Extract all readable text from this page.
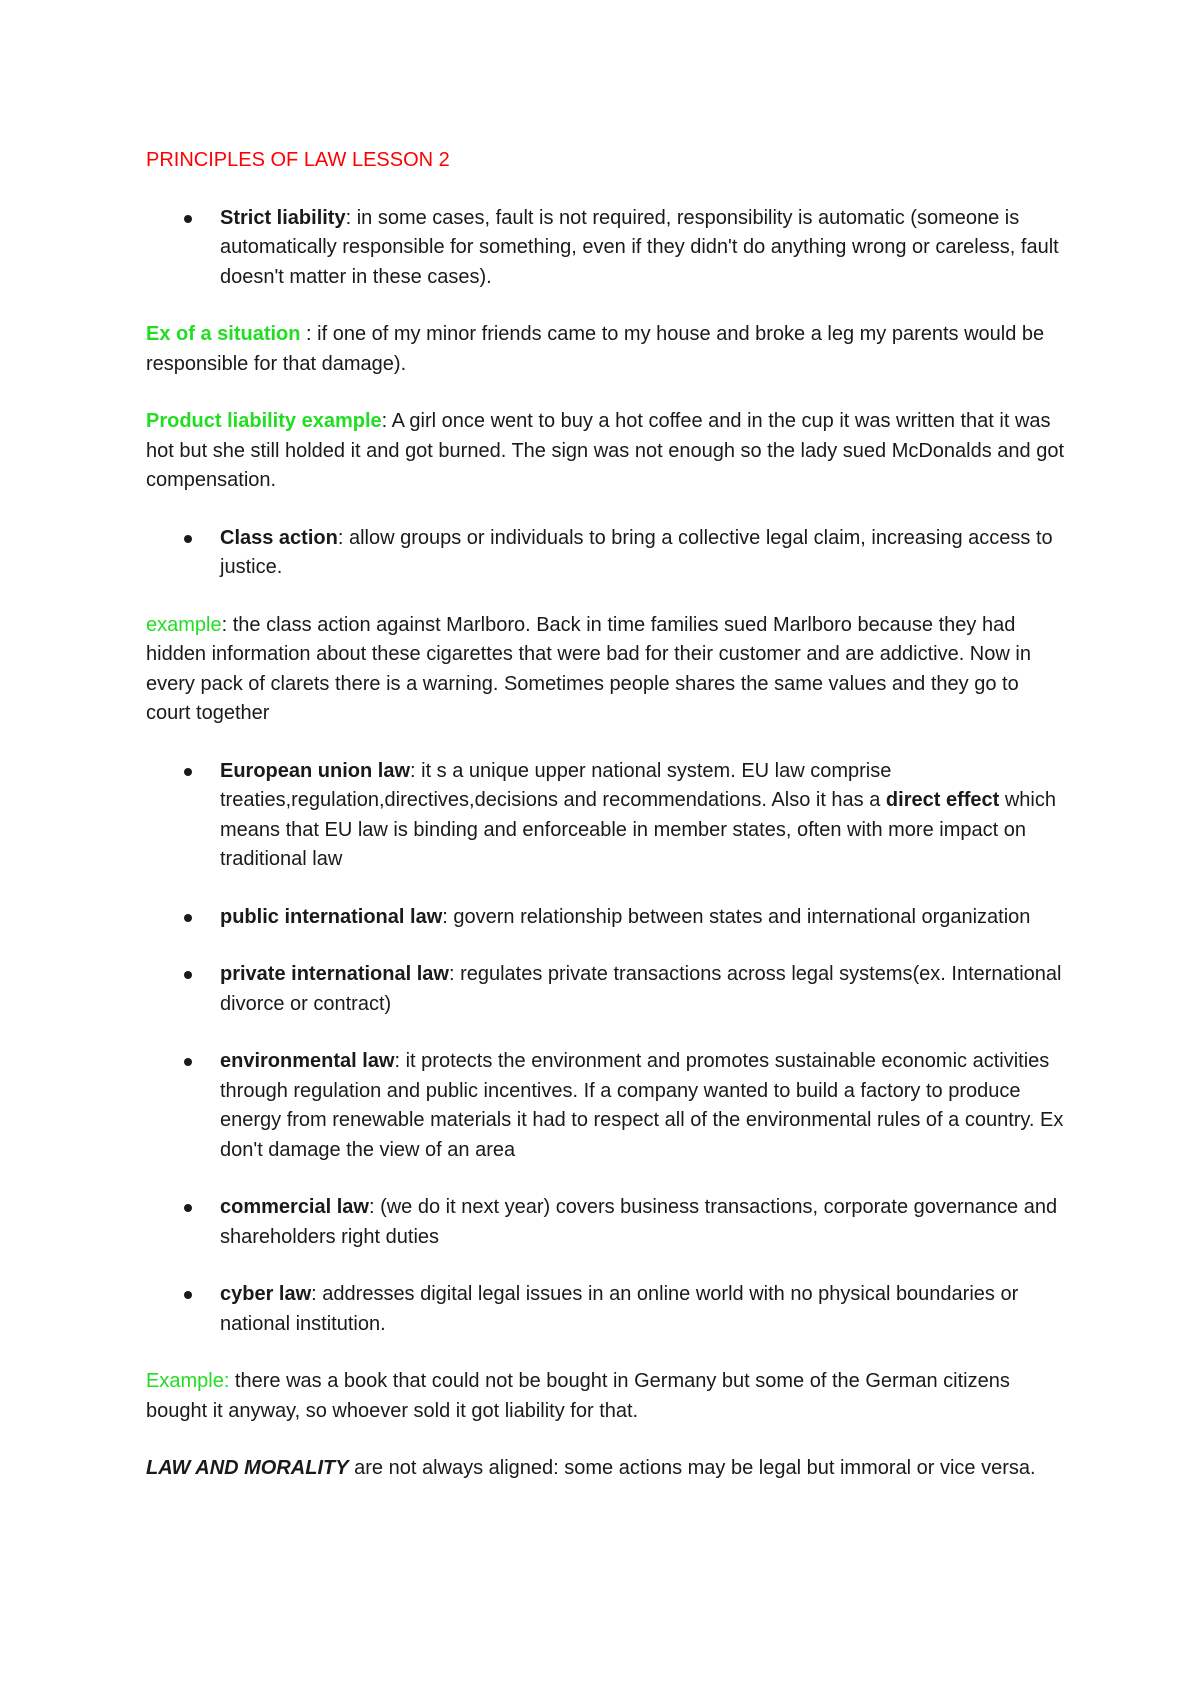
PRINCIPLES OF LAW LESSON 2
Strict liability: in some cases, fault is not required, responsibility is automatic (someone is automatically responsible for something, even if they didn't do anything wrong or careless, fault doesn't matter in these cases).
Ex of a situation : if one of my minor friends came to my house and broke a leg my parents would be responsible for that damage).
Product liability example: A girl once went to buy a hot coffee and in the cup it was written that it was hot but she still holded it and got burned. The sign was not enough so the lady sued McDonalds and got compensation.
Class action: allow groups or individuals to bring a collective legal claim, increasing access to justice.
example: the class action against Marlboro. Back in time families sued Marlboro because they had hidden information about these cigarettes that were bad for their customer and are addictive. Now in every pack of clarets there is a warning. Sometimes people shares the same values and they go to court together
European union law: it s a unique upper national system. EU law comprise treaties,regulation,directives,decisions and recommendations. Also it has a direct effect which means that EU law is binding and enforceable in member states, often with more impact on traditional law
public international law: govern relationship between states and international organization
private international law: regulates private transactions across legal systems(ex. International divorce or contract)
environmental law: it protects the environment and promotes sustainable economic activities through regulation and public incentives. If a company wanted to build a factory to produce energy from renewable materials it had to respect all of the environmental rules of a country. Ex don't damage the view of an area
commercial law: (we do it next year) covers business transactions, corporate governance and shareholders right duties
cyber law: addresses digital legal issues in an online world with no physical boundaries or national institution.
Example: there was a book that could not be bought in Germany but some of the German citizens bought it anyway, so whoever sold it got liability for that.
LAW AND MORALITY are not always aligned: some actions may be legal but immoral or vice versa.
